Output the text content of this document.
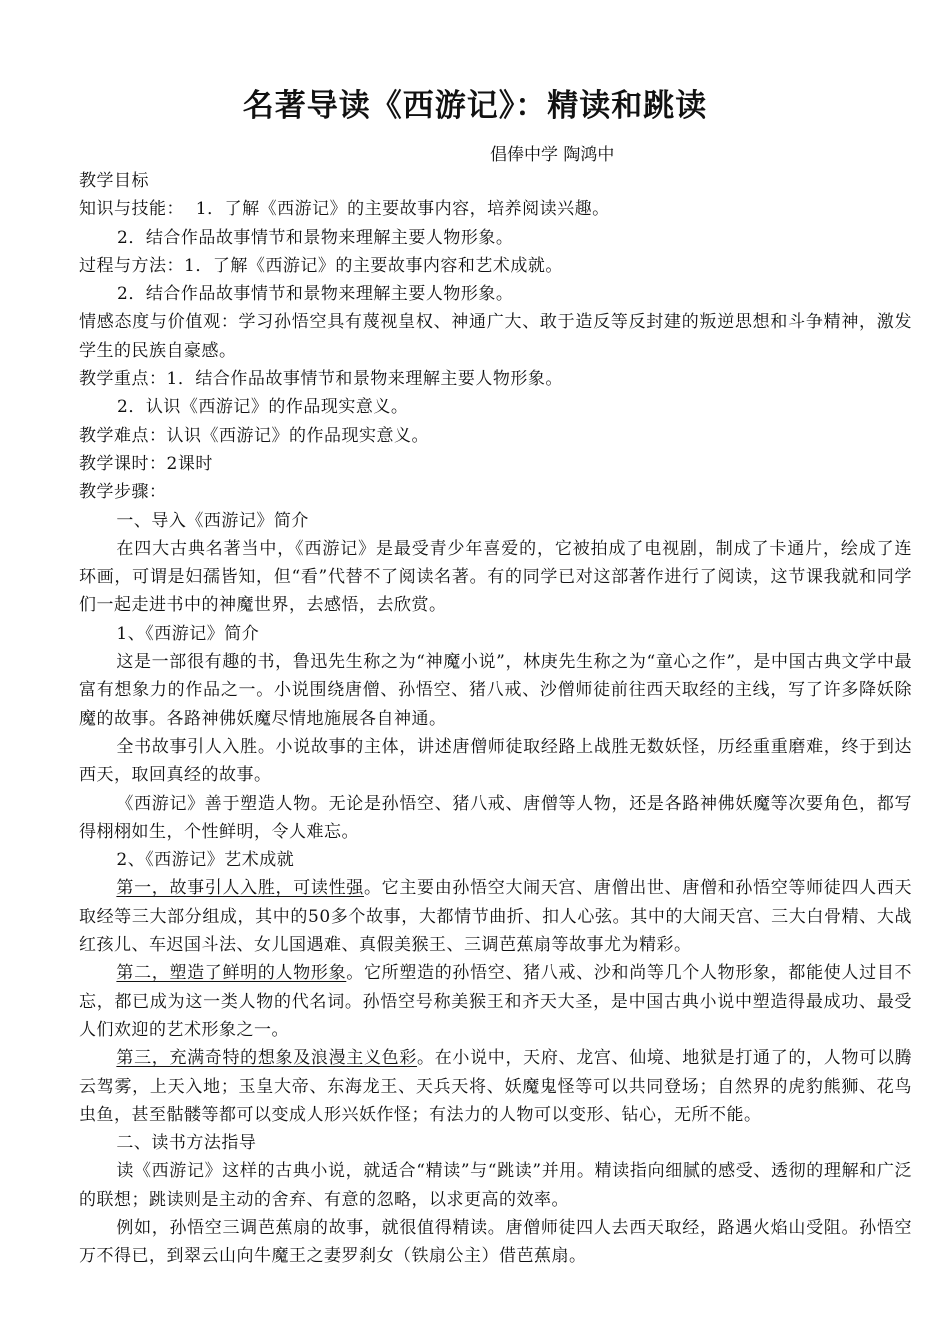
名著导读《西游记》：精读和跳读
倡俸中学 陶鸿中

教学目标

知识与技能：  1．了解《西游记》的主要故事内容，培养阅读兴趣。

2．结合作品故事情节和景物来理解主要人物形象。

过程与方法：1．了解《西游记》的主要故事内容和艺术成就。

2．结合作品故事情节和景物来理解主要人物形象。

情感态度与价值观：学习孙悟空具有蔑视皇权、神通广大、敢于造反等反封建的叛逆思想和斗争精神，激发学生的民族自豪感。

教学重点：1．结合作品故事情节和景物来理解主要人物形象。

2．认识《西游记》的作品现实意义。

教学难点：认识《西游记》的作品现实意义。

教学课时：2课时

教学步骤：

一、导入《西游记》简介

在四大古典名著当中，《西游记》是最受青少年喜爱的，它被拍成了电视剧，制成了卡通片，绘成了连环画，可谓是妇孺皆知，但“看”代替不了阅读名著。有的同学已对这部著作进行了阅读，这节课我就和同学们一起走进书中的神魔世界，去感悟，去欣赏。

1、《西游记》简介

这是一部很有趣的书，鲁迅先生称之为“神魔小说”，林庚先生称之为“童心之作”，是中国古典文学中最富有想象力的作品之一。小说围绕唐僧、孙悟空、猪八戒、沙僧师徒前往西天取经的主线，写了许多降妖除魔的故事。各路神佛妖魔尽情地施展各自神通。

全书故事引人入胜。小说故事的主体，讲述唐僧师徒取经路上战胜无数妖怪，历经重重磨难，终于到达西天，取回真经的故事。

《西游记》善于塑造人物。无论是孙悟空、猪八戒、唐僧等人物，还是各路神佛妖魔等次要角色，都写得栩栩如生，个性鲜明，令人难忘。

2、《西游记》艺术成就

第一，故事引人入胜，可读性强。它主要由孙悟空大闹天宫、唐僧出世、唐僧和孙悟空等师徒四人西天取经等三大部分组成，其中的50多个故事，大都情节曲折、扣人心弦。其中的大闹天宫、三大白骨精、大战红孩儿、车迟国斗法、女儿国遇难、真假美猴王、三调芭蕉扇等故事尤为精彩。

第二，塑造了鲜明的人物形象。它所塑造的孙悟空、猪八戒、沙和尚等几个人物形象，都能使人过目不忘，都已成为这一类人物的代名词。孙悟空号称美猴王和齐天大圣，是中国古典小说中塑造得最成功、最受人们欢迎的艺术形象之一。

第三，充满奇特的想象及浪漫主义色彩。在小说中，天府、龙宫、仙境、地狱是打通了的，人物可以腾云驾雾，上天入地；玉皇大帝、东海龙王、天兵天将、妖魔鬼怪等可以共同登场；自然界的虎豹熊狮、花鸟虫鱼，甚至骷髅等都可以变成人形兴妖作怪；有法力的人物可以变形、钻心，无所不能。

二、读书方法指导

读《西游记》这样的古典小说，就适合“精读”与“跳读”并用。精读指向细腻的感受、透彻的理解和广泛的联想；跳读则是主动的舍弃、有意的忽略，以求更高的效率。

例如，孙悟空三调芭蕉扇的故事，就很值得精读。唐僧师徒四人去西天取经，路遇火焰山受阻。孙悟空万不得已，到翠云山向牛魔王之妻罗刹女（铁扇公主）借芭蕉扇。
